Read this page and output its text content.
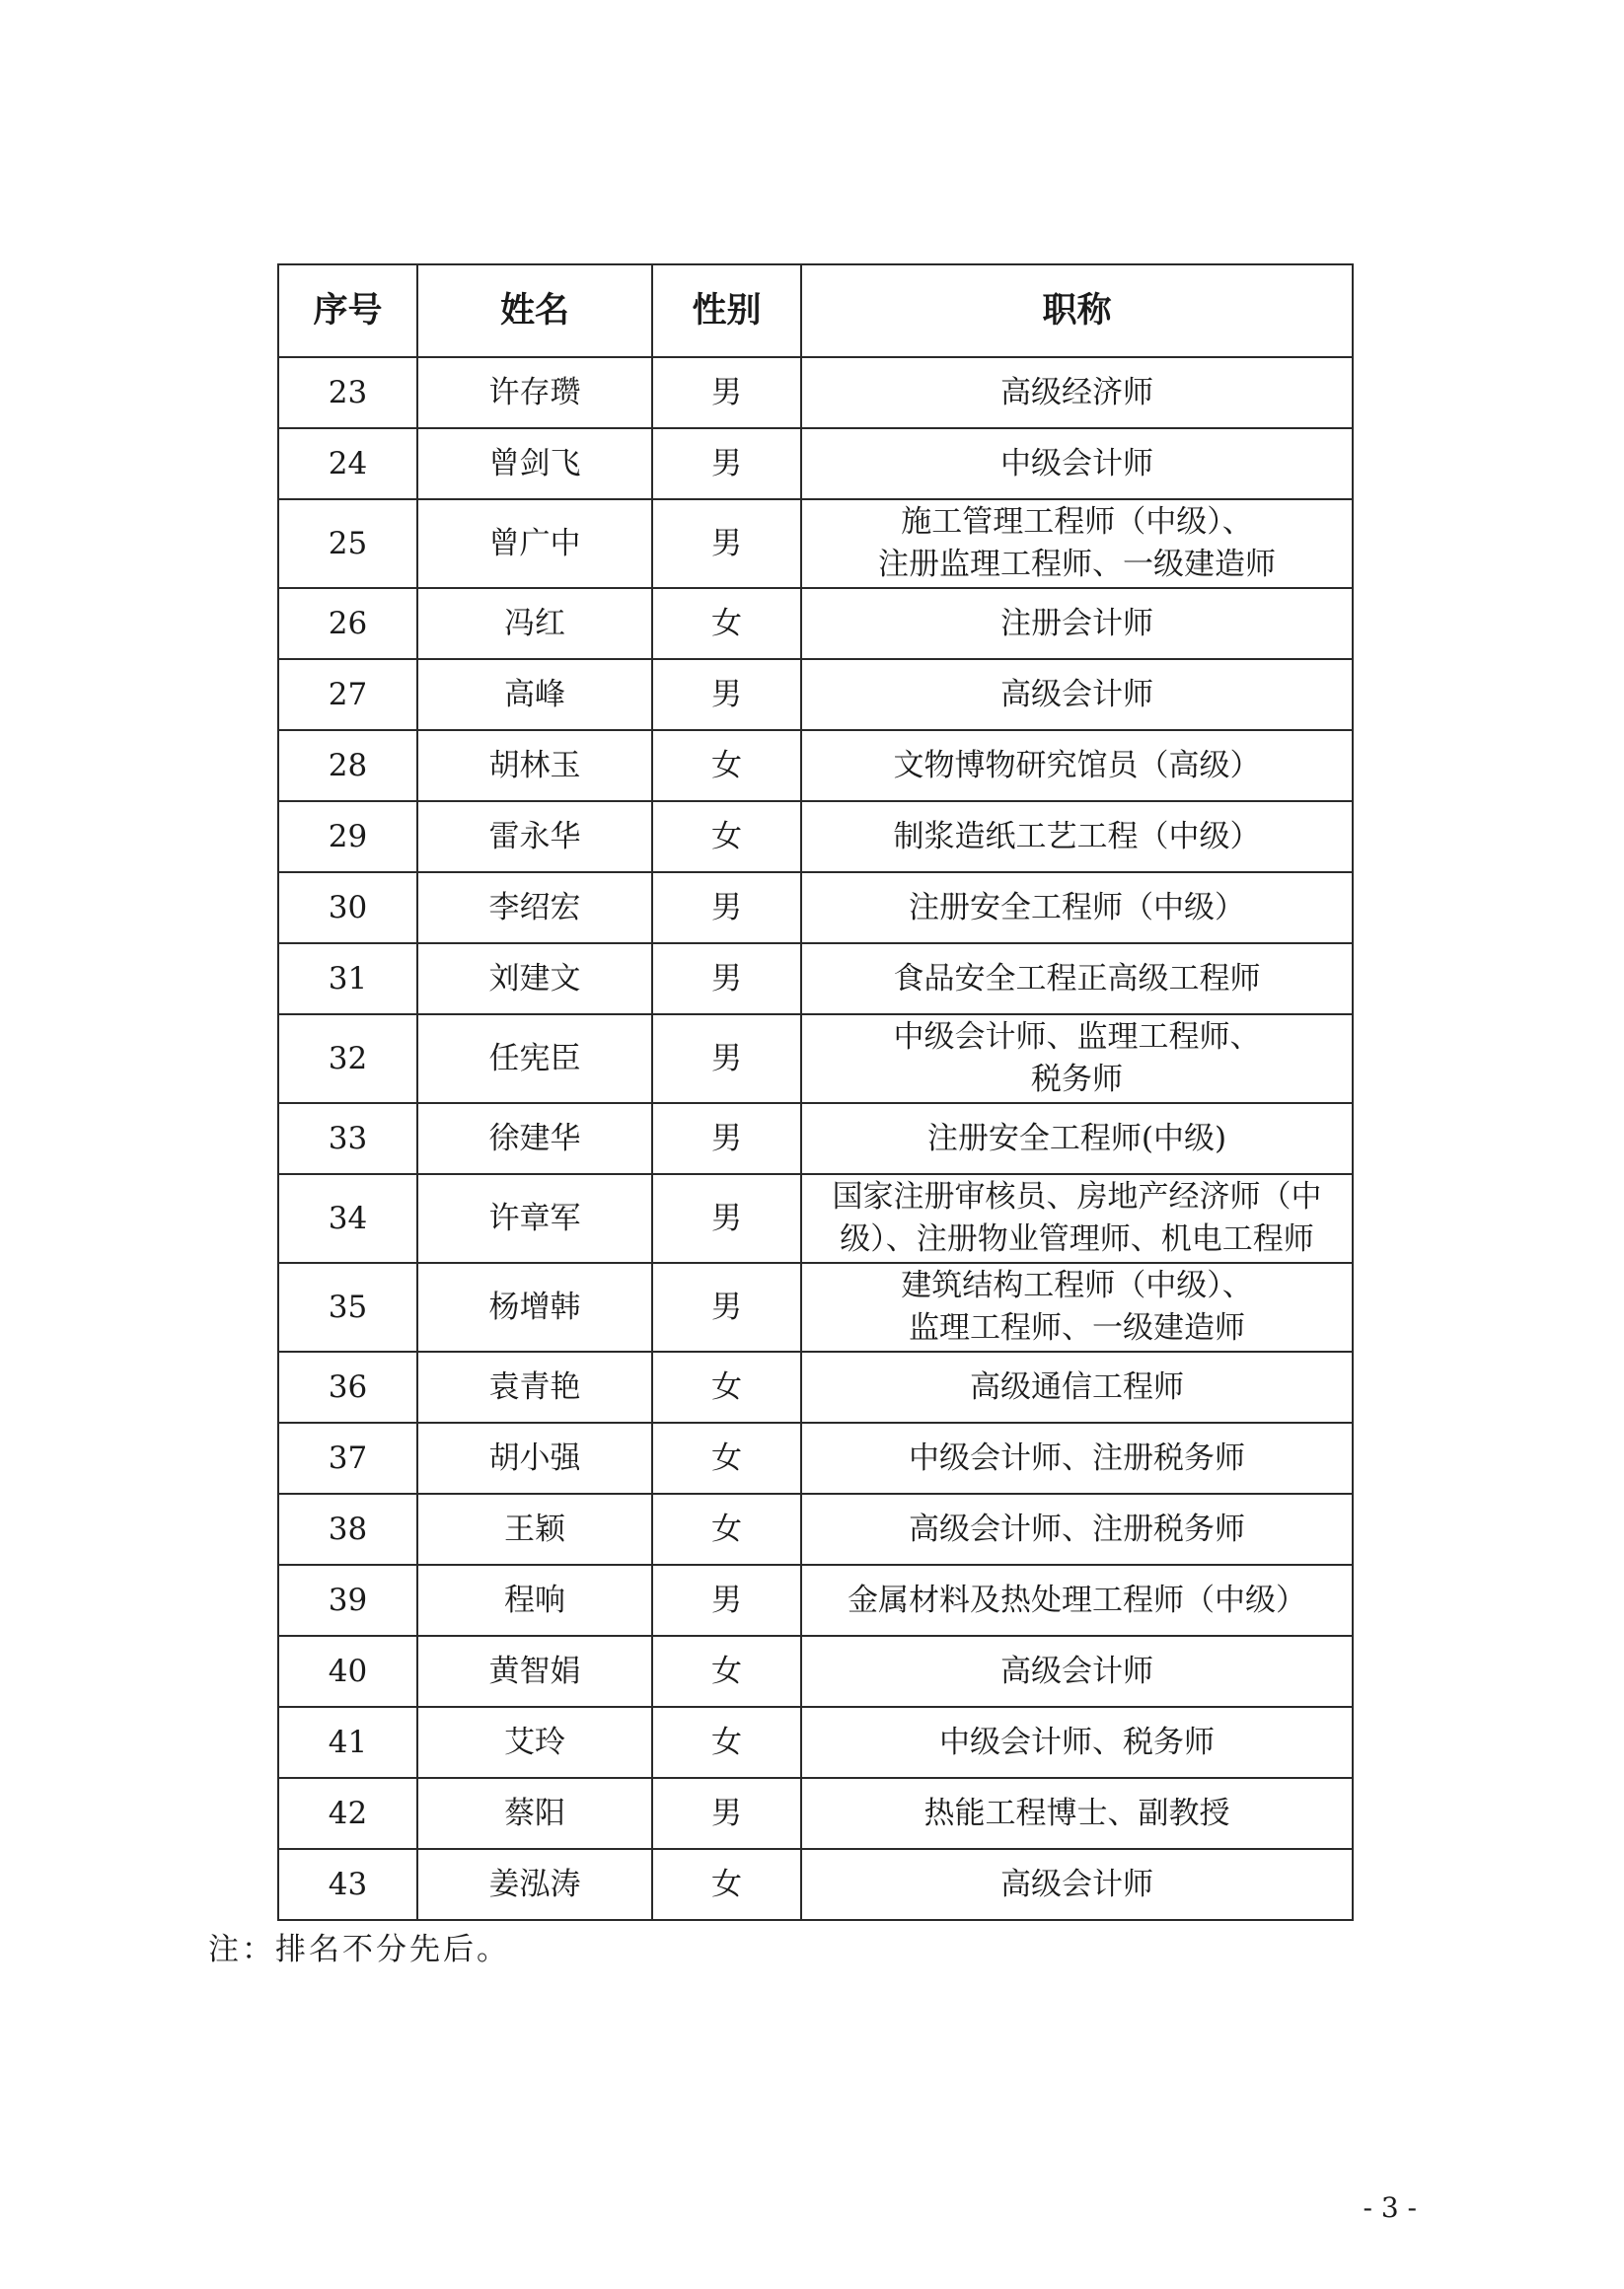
序号	姓名	性别	职称
23	许存瓒	男	高级经济师

24	曾剑飞	男	中级会计师

25	曾广中	男	施工管理工程师（中级）、
注册监理工程师、一级建造师

26	冯红	女	注册会计师

27	高峰	男	高级会计师

28	胡林玉	女	文物博物研究馆员（高级）

29	雷永华	女	制浆造纸工艺工程（中级）

30	李绍宏	男	注册安全工程师（中级）

31	刘建文	男	食品安全工程正高级工程师

32	任宪臣	男	中级会计师、监理工程师、
税务师

33	徐建华	男	注册安全工程师(中级)

34	许章军	男	国家注册审核员、房地产经济师（中
级）、注册物业管理师、机电工程师

35	杨增韩	男	建筑结构工程师（中级）、
监理工程师、一级建造师

36	袁青艳	女	高级通信工程师

37	胡小强	女	中级会计师、注册税务师

38	王颖	女	高级会计师、注册税务师

39	程响	男	金属材料及热处理工程师（中级）

40	黄智娟	女	高级会计师

41	艾玲	女	中级会计师、税务师

42	蔡阳	男	热能工程博士、副教授

43	姜泓涛	女	高级会计师
注：排名不分先后。
- 3 -
